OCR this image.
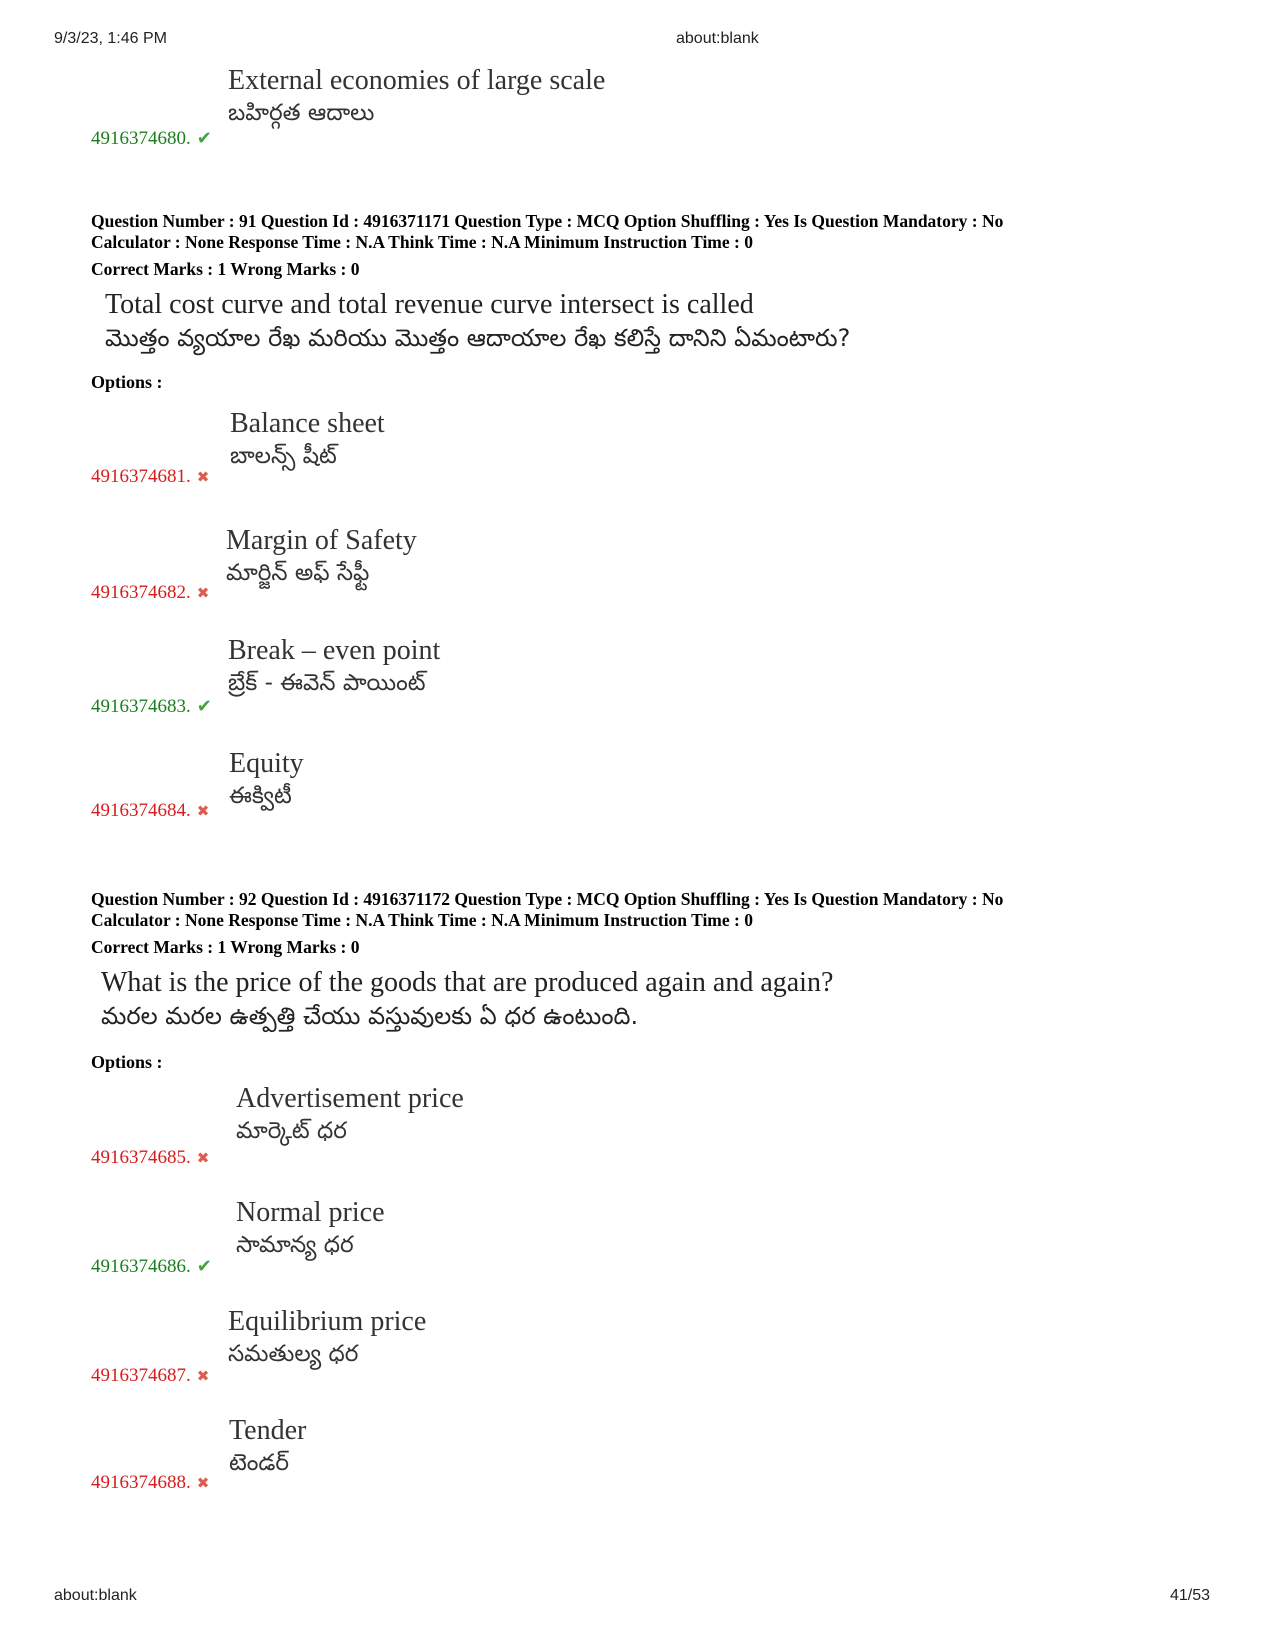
9/3/23, 1:46 PM	about:blank
External economies of large scale
బహిర్గత ఆదాలు
4916374680. ✔
Question Number : 91 Question Id : 4916371171 Question Type : MCQ Option Shuffling : Yes Is Question Mandatory : No
Calculator : None Response Time : N.A Think Time : N.A Minimum Instruction Time : 0
Correct Marks : 1 Wrong Marks : 0
Total cost curve and total revenue curve intersect is called
మొత్తం వ్యయాల రేఖ మరియు మొత్తం ఆదాయాల రేఖ కలిస్తే దానిని ఏమంటారు?
Options :
Balance sheet
బాలన్స్ షీట్
4916374681. ✖
Margin of Safety
మార్జిన్ అఫ్ సేఫ్టీ
4916374682. ✖
Break – even point
బ్రేక్ - ఈవెన్ పాయింట్
4916374683. ✔
Equity
ఈక్విటీ
4916374684. ✖
Question Number : 92 Question Id : 4916371172 Question Type : MCQ Option Shuffling : Yes Is Question Mandatory : No
Calculator : None Response Time : N.A Think Time : N.A Minimum Instruction Time : 0
Correct Marks : 1 Wrong Marks : 0
What is the price of the goods that are produced again and again?
మరల మరల ఉత్పత్తి చేయు వస్తువులకు ఏ ధర ఉంటుంది.
Options :
Advertisement price
మార్కెట్ ధర
4916374685. ✖
Normal price
సామాన్య ధర
4916374686. ✔
Equilibrium price
సమతుల్య ధర
4916374687. ✖
Tender
టెండర్
4916374688. ✖
about:blank	41/53
